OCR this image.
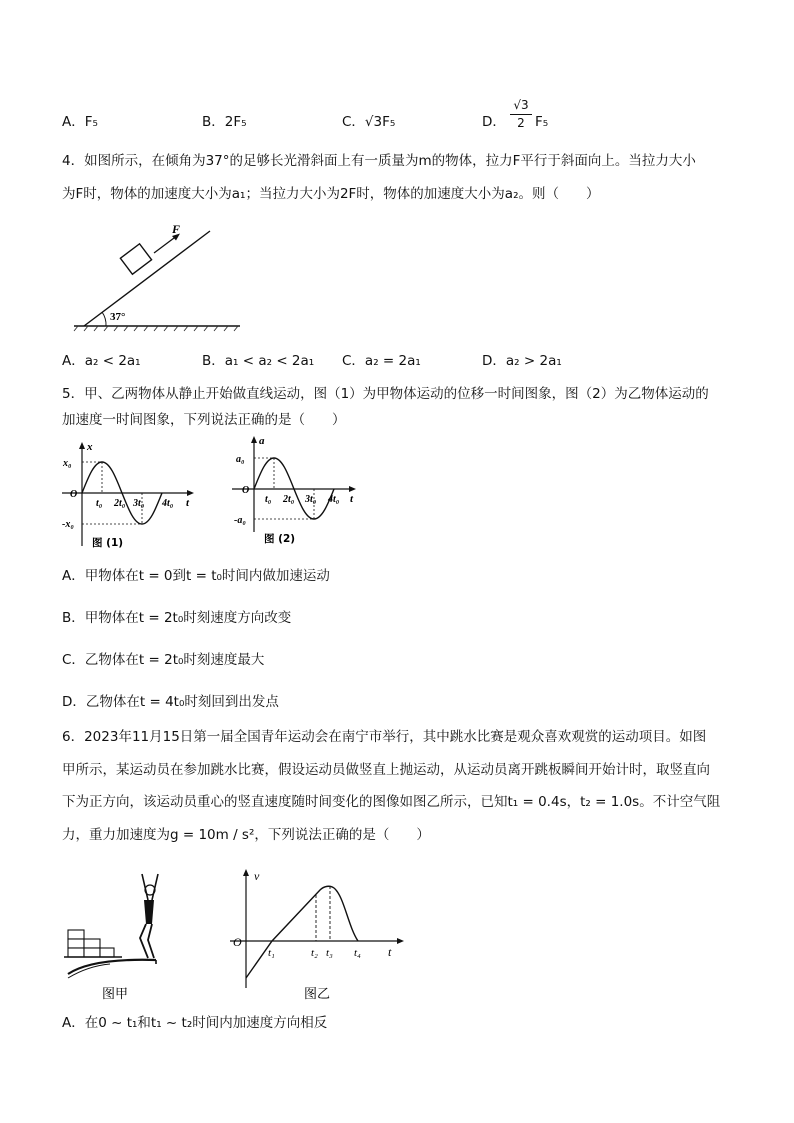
A．F₅	B．2F₅	C．√3F₅	D．
√3
2 F₅
4．如图所示，在倾角为37°的足够长光滑斜面上有一质量为m的物体，拉力F平行于斜面向上。当拉力大小
为F时，物体的加速度大小为a₁；当拉力大小为2F时，物体的加速度大小为a₂。则（　　）
F
37°
A．a₂ < 2a₁	B．a₁ < a₂ < 2a₁ C．a₂ = 2a₁	D．a₂ > 2a₁
5．甲、乙两物体从静止开始做直线运动，图（1）为甲物体运动的位移一时间图象，图（2）为乙物体运动的
加速度一时间图象，下列说法正确的是（　　）
x
x₀
O
-x₀
t₀ 2t₀ 3t₀ 4t₀ t
图 (1)
a
a₀
O
-a₀
t₀ 2t₀ 3t₀ 4t₀ t
图 (2)
A．甲物体在t = 0到t = t₀时间内做加速运动
B．甲物体在t = 2t₀时刻速度方向改变
C．乙物体在t = 2t₀时刻速度最大
D．乙物体在t = 4t₀时刻回到出发点
6．2023年11月15日第一届全国青年运动会在南宁市举行，其中跳水比赛是观众喜欢观赏的运动项目。如图
甲所示，某运动员在参加跳水比赛，假设运动员做竖直上抛运动，从运动员离开跳板瞬间开始计时，取竖直向
下为正方向，该运动员重心的竖直速度随时间变化的图像如图乙所示，已知t₁ = 0.4s，t₂ = 1.0s。不计空气阻
力，重力加速度为g = 10m / s²，下列说法正确的是（　　）
图甲
v
O
t₁	t₂ t₃ t₄ t
图乙
A．在0 ~ t₁和t₁ ~ t₂时间内加速度方向相反
